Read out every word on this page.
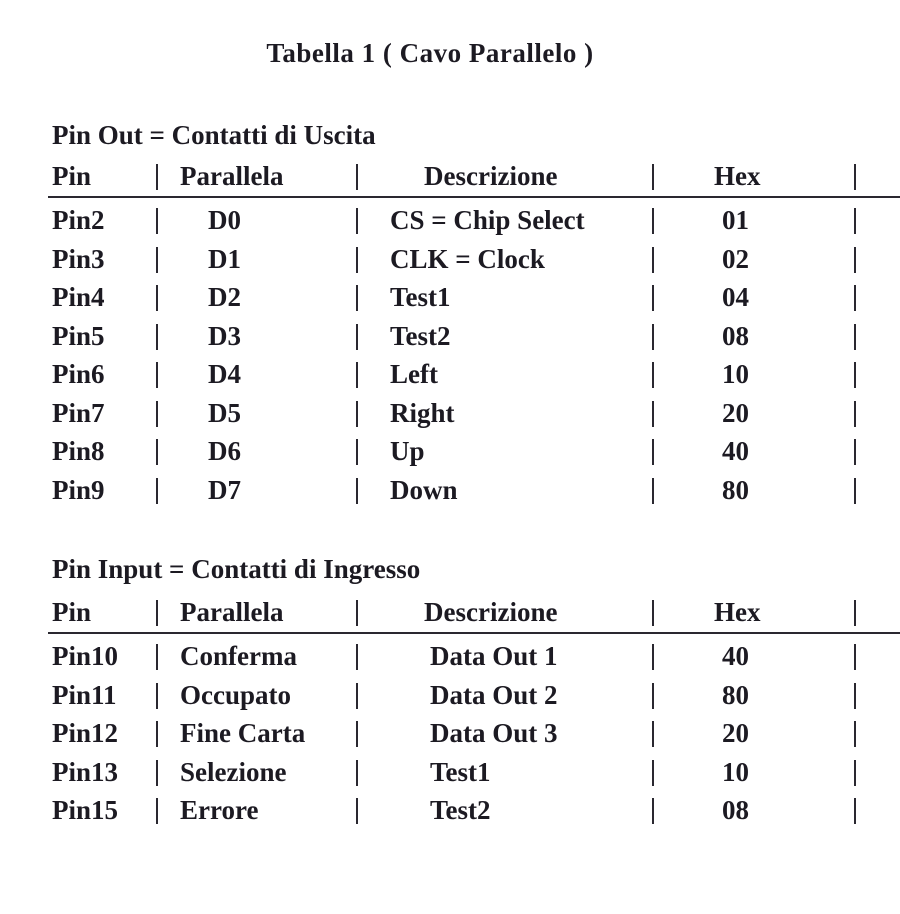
Tabella 1 ( Cavo Parallelo )
Pin Out = Contatti di Uscita
Pin	Parallela	Descrizione	Hex
Pin2	D0	CS = Chip Select	01
Pin3	D1	CLK = Clock	02
Pin4	D2	Test1	04
Pin5	D3	Test2	08
Pin6	D4	Left	10
Pin7	D5	Right	20
Pin8	D6	Up	40
Pin9	D7	Down	80
Pin Input = Contatti di Ingresso
Pin	Parallela	Descrizione	Hex
Pin10 Conferma	Data Out 1	40
Pin11 Occupato	Data Out 2	80
Pin12 Fine Carta	Data Out 3	20
Pin13 Selezione	Test1	10
Pin15 Errore	Test2	08
